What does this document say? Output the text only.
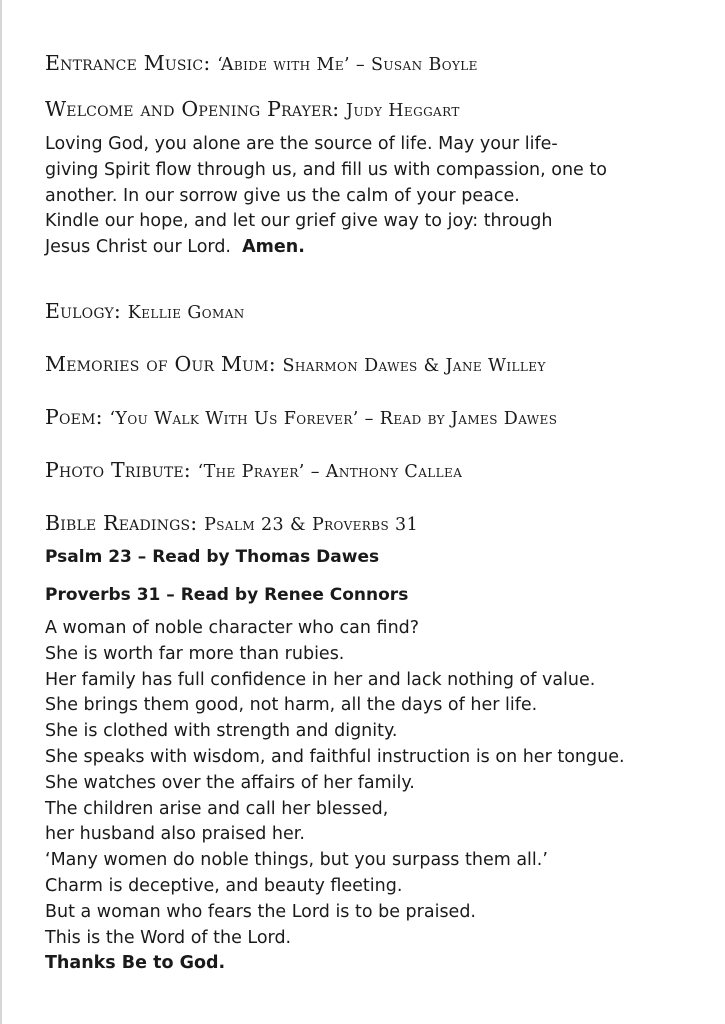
Entrance Music: ‘Abide with Me’ – Susan Boyle
Welcome and Opening Prayer: Judy Heggart
Loving God, you alone are the source of life. May your life-
giving Spirit flow through us, and fill us with compassion, one to
another. In our sorrow give us the calm of your peace.
Kindle our hope, and let our grief give way to joy: through
Jesus Christ our Lord. Amen.
Eulogy: Kellie Goman
Memories of Our Mum: Sharmon Dawes & Jane Willey
Poem: ‘You Walk With Us Forever’ – Read by James Dawes
Photo Tribute: ‘The Prayer’ – Anthony Callea
Bible Readings: Psalm 23 & Proverbs 31
Psalm 23 – Read by Thomas Dawes
Proverbs 31 – Read by Renee Connors
A woman of noble character who can find?
She is worth far more than rubies.
Her family has full confidence in her and lack nothing of value.
She brings them good, not harm, all the days of her life.
She is clothed with strength and dignity.
She speaks with wisdom, and faithful instruction is on her tongue.
She watches over the affairs of her family.
The children arise and call her blessed,
her husband also praised her.
‘Many women do noble things, but you surpass them all.’
Charm is deceptive, and beauty fleeting.
But a woman who fears the Lord is to be praised.
This is the Word of the Lord.
Thanks Be to God.
